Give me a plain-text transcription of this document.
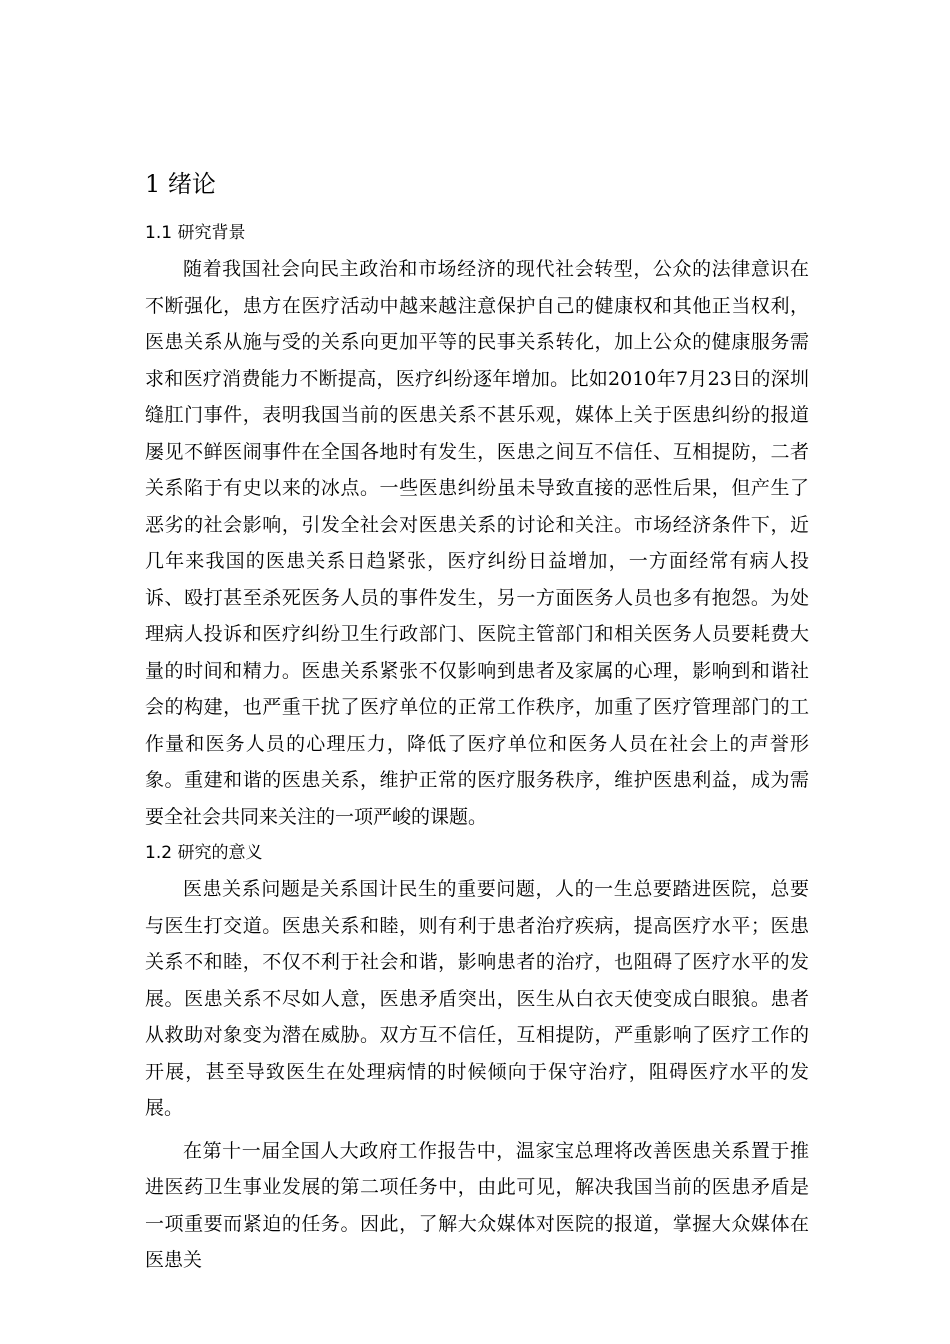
1 绪论
1.1 研究背景

随着我国社会向民主政治和市场经济的现代社会转型，公众的法律意识在不断强化，患方在医疗活动中越来越注意保护自己的健康权和其他正当权利，医患关系从施与受的关系向更加平等的民事关系转化，加上公众的健康服务需求和医疗消费能力不断提高，医疗纠纷逐年增加。比如2010年7月23日的深圳缝肛门事件，表明我国当前的医患关系不甚乐观，媒体上关于医患纠纷的报道屡见不鲜医闹事件在全国各地时有发生，医患之间互不信任、互相提防，二者关系陷于有史以来的冰点。一些医患纠纷虽未导致直接的恶性后果，但产生了恶劣的社会影响，引发全社会对医患关系的讨论和关注。市场经济条件下，近几年来我国的医患关系日趋紧张，医疗纠纷日益增加，一方面经常有病人投诉、殴打甚至杀死医务人员的事件发生，另一方面医务人员也多有抱怨。为处理病人投诉和医疗纠纷卫生行政部门、医院主管部门和相关医务人员要耗费大量的时间和精力。医患关系紧张不仅影响到患者及家属的心理，影响到和谐社会的构建，也严重干扰了医疗单位的正常工作秩序，加重了医疗管理部门的工作量和医务人员的心理压力，降低了医疗单位和医务人员在社会上的声誉形象。重建和谐的医患关系，维护正常的医疗服务秩序，维护医患利益，成为需要全社会共同来关注的一项严峻的课题。

1.2 研究的意义

医患关系问题是关系国计民生的重要问题，人的一生总要踏进医院，总要与医生打交道。医患关系和睦，则有利于患者治疗疾病，提高医疗水平；医患关系不和睦，不仅不利于社会和谐，影响患者的治疗，也阻碍了医疗水平的发展。医患关系不尽如人意，医患矛盾突出，医生从白衣天使变成白眼狼。患者从救助对象变为潜在威胁。双方互不信任，互相提防，严重影响了医疗工作的开展，甚至导致医生在处理病情的时候倾向于保守治疗，阻碍医疗水平的发展。

在第十一届全国人大政府工作报告中，温家宝总理将改善医患关系置于推进医药卫生事业发展的第二项任务中，由此可见，解决我国当前的医患矛盾是一项重要而紧迫的任务。因此，了解大众媒体对医院的报道，掌握大众媒体在医患关
